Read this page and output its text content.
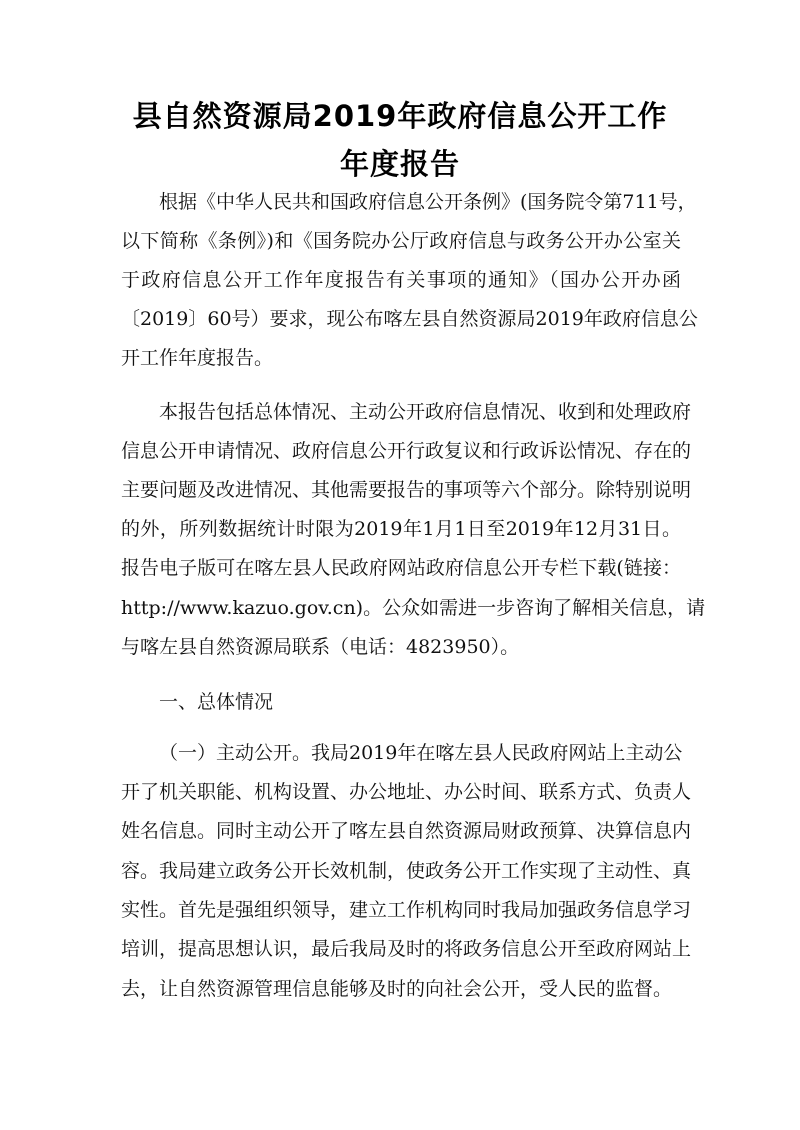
县自然资源局2019年政府信息公开工作
年度报告
根据《中华人民共和国政府信息公开条例》(国务院令第711号，
以下简称《条例》)和《国务院办公厅政府信息与政务公开办公室关
于政府信息公开工作年度报告有关事项的通知》（国办公开办函
〔2019〕60号）要求，现公布喀左县自然资源局2019年政府信息公
开工作年度报告。
本报告包括总体情况、主动公开政府信息情况、收到和处理政府
信息公开申请情况、政府信息公开行政复议和行政诉讼情况、存在的
主要问题及改进情况、其他需要报告的事项等六个部分。除特别说明
的外，所列数据统计时限为2019年1月1日至2019年12月31日。
报告电子版可在喀左县人民政府网站政府信息公开专栏下载(链接：
http://www.kazuo.gov.cn)。公众如需进一步咨询了解相关信息，请
与喀左县自然资源局联系（电话：4823950）。
一、总体情况
（一）主动公开。我局2019年在喀左县人民政府网站上主动公
开了机关职能、机构设置、办公地址、办公时间、联系方式、负责人
姓名信息。同时主动公开了喀左县自然资源局财政预算、决算信息内
容。我局建立政务公开长效机制，使政务公开工作实现了主动性、真
实性。首先是强组织领导，建立工作机构同时我局加强政务信息学习
培训，提高思想认识，最后我局及时的将政务信息公开至政府网站上
去，让自然资源管理信息能够及时的向社会公开，受人民的监督。
